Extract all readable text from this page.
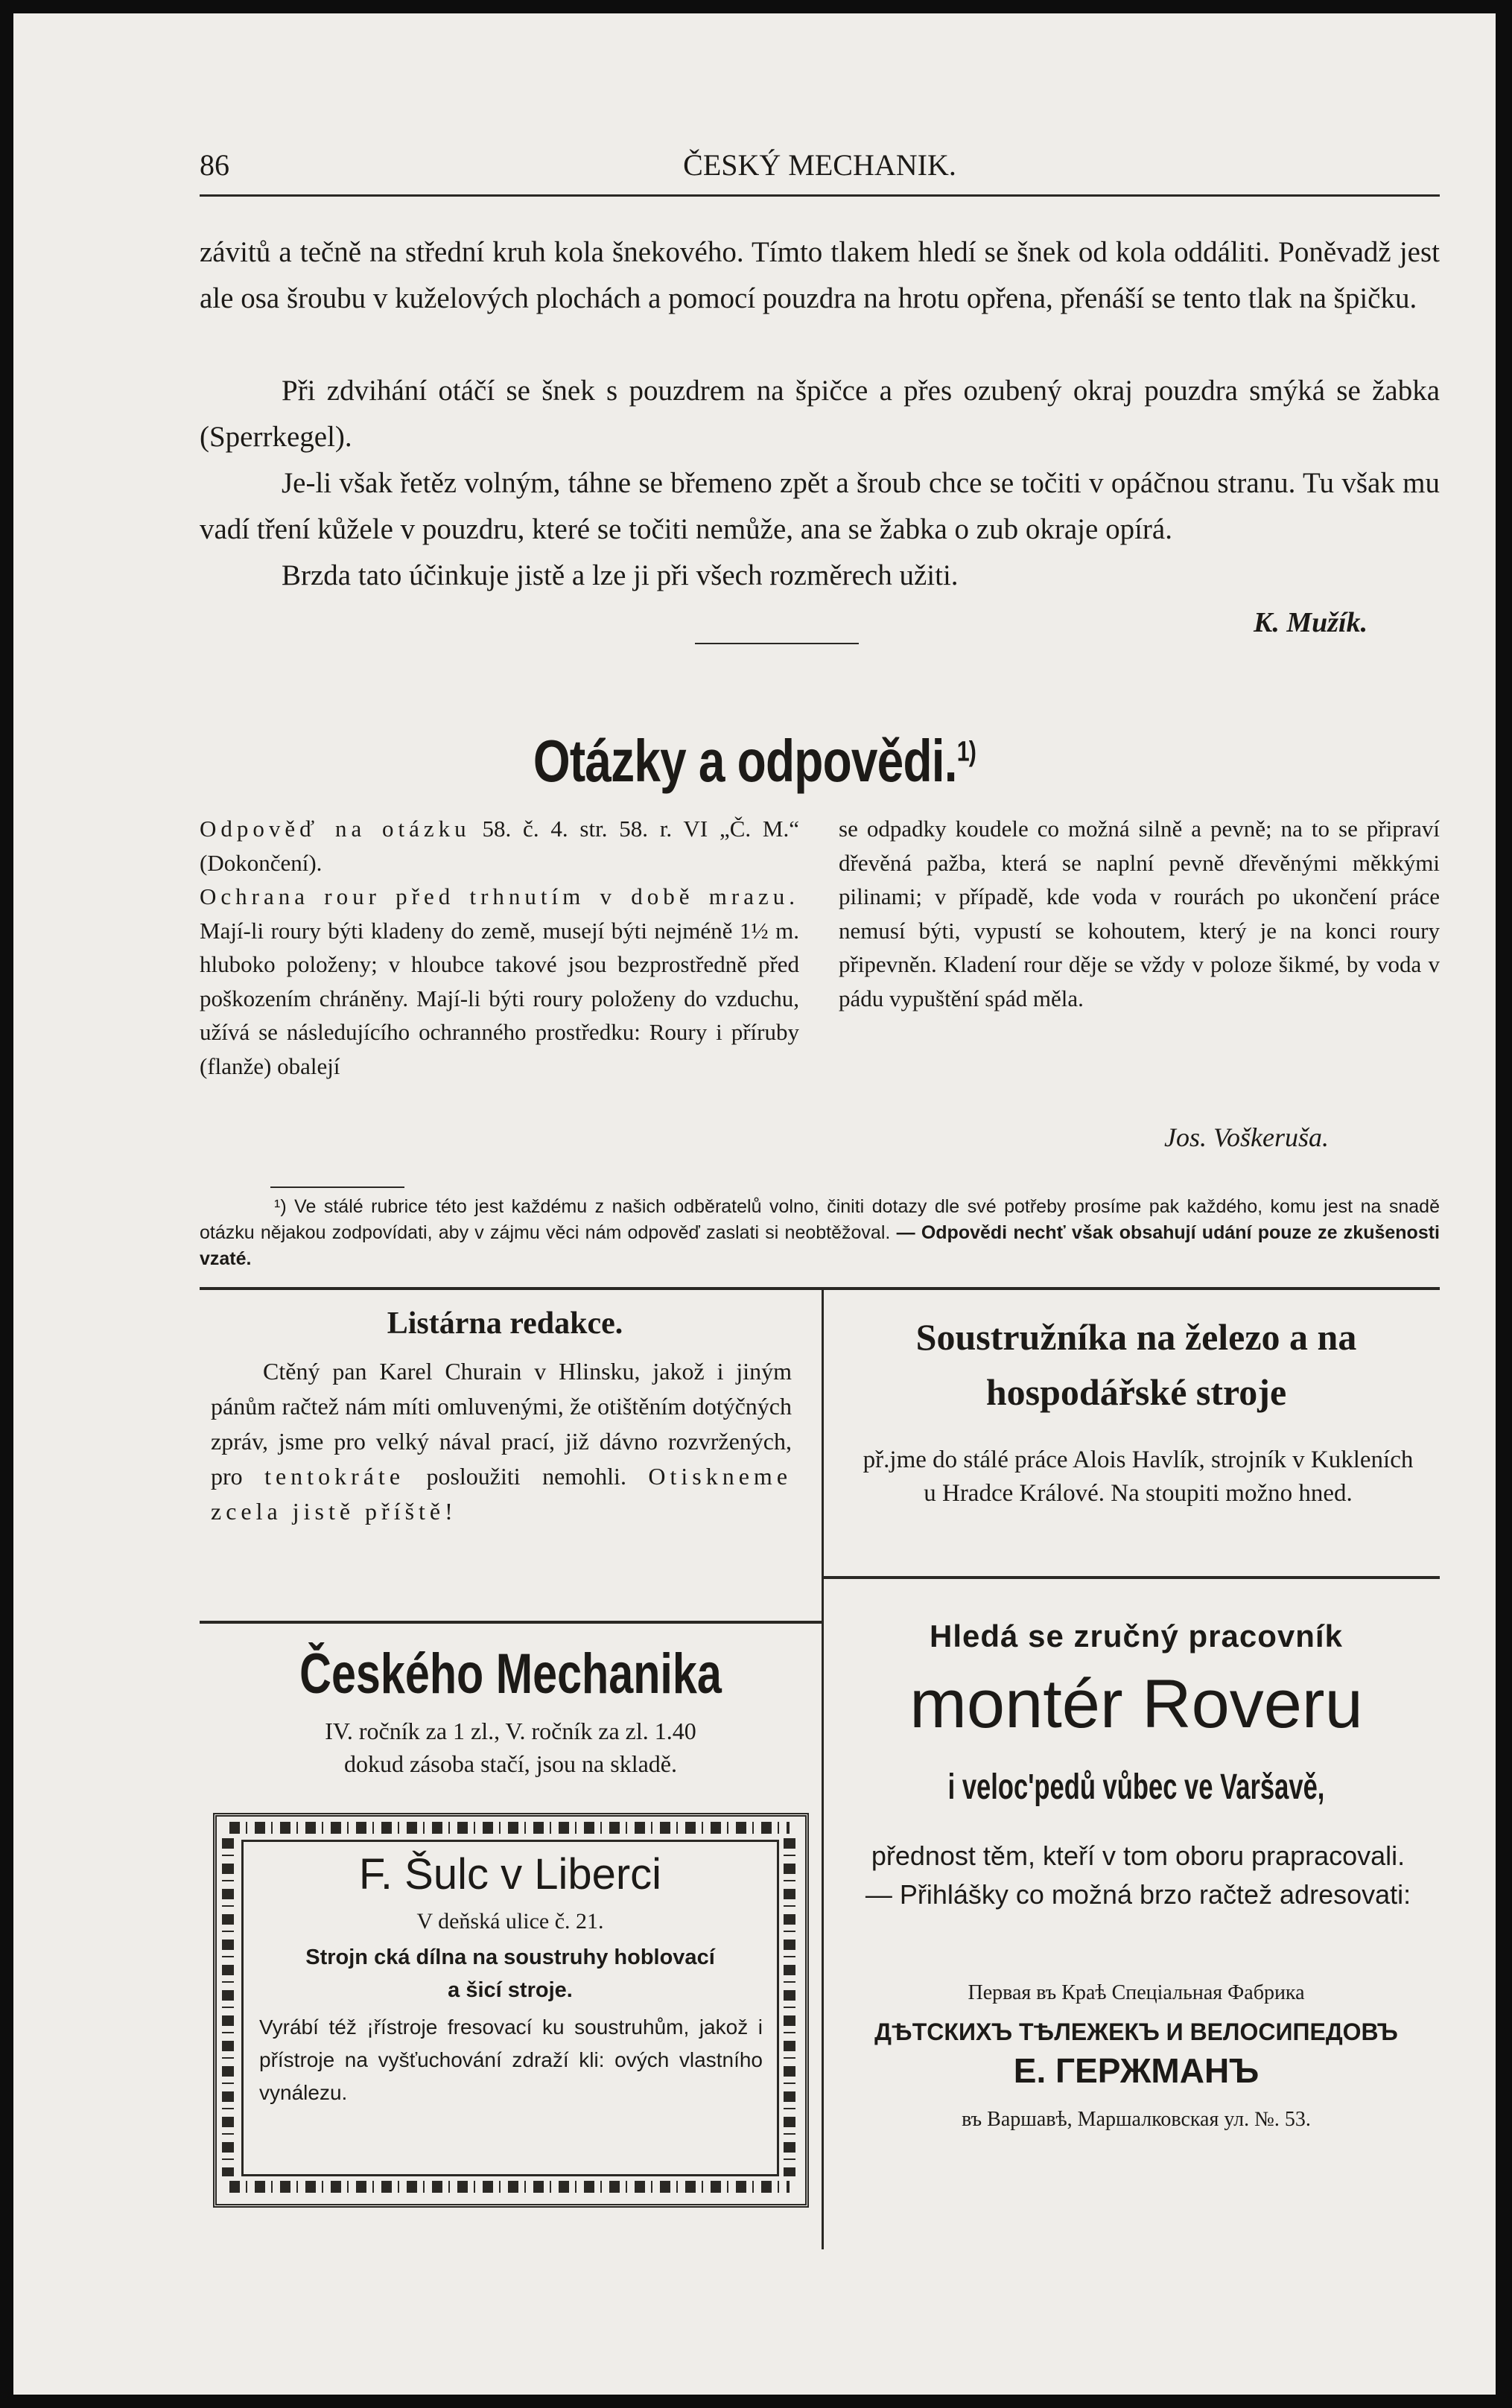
86	ČESKÝ MECHANIK.
závitů a tečně na střední kruh kola šnekového. Tímto tlakem hledí se šnek od kola oddáliti. Poněvadž jest ale osa šroubu v kuželových plochách a pomocí pouzdra na hrotu opřena, přenáší se tento tlak na špičku.
Při zdvihání otáčí se šnek s pouzdrem na špičce a přes ozubený okraj pouzdra smýká se žabka (Sperrkegel).
Je-li však řetěz volným, táhne se břemeno zpět a šroub chce se točiti v opáčnou stranu. Tu však mu vadí tření kůžele v pouzdru, které se točiti nemůže, ana se žabka o zub okraje opírá.
Brzda tato účinkuje jistě a lze ji při všech rozměrech užiti.
K. Mužík.
Otázky a odpovědi.$^{1)}$
Odpověď na otázku 58. č. 4. str. 58. r. VI „Č. M.“ (Dokončení).
Ochrana rour před trhnutím v době mrazu. Mají-li roury býti kladeny do země, musejí býti nejméně 1½ m. hluboko položeny; v hloubce takové jsou bezprostředně před poškozením chráněny. Mají-li býti roury položeny do vzduchu, užívá se následujícího ochranného prostředku: Roury i příruby (flanže) obalejí
se odpadky koudele co možná silně a pevně; na to se připraví dřevěná pažba, která se naplní pevně dřevěnými měkkými pilinami; v případě, kde voda v rourách po ukončení práce nemusí býti, vypustí se kohoutem, který je na konci roury připevněn. Kladení rour děje se vždy v poloze šikmé, by voda v pádu vypuštění spád měla.
Jos. Voškeruša.
¹) Ve stálé rubrice této jest každému z našich odběratelů volno, činiti dotazy dle své potřeby prosíme pak každého, komu jest na snadě otázku nějakou zodpovídati, aby v zájmu věci nám odpověď zaslati si neobtěžoval. — Odpovědi nechť však obsahují udání pouze ze zkušenosti vzaté.
Listárna redakce.
Ctěný pan Karel Churain v Hlinsku, jakož i jiným pánům račtež nám míti omluvenými, že otištěním dotýčných zpráv, jsme pro velký nával prací, již dávno rozvržených, pro tentokráte posloužiti nemohli. Otiskneme zcela jistě příště!
Českého Mechanika
IV. ročník za 1 zl., V. ročník za zl. 1.40
dokud zásoba stačí, jsou na skladě.
F. Šulc v Liberci
V deňská ulice č. 21.
Strojn cká dílna na soustruhy hoblovací
a šicí stroje.
Vyrábí též ¡řístroje fresovací ku soustruhům, jakož i přístroje na vyšťuchování zdraží kli: ových vlastního vynálezu.
Soustružníka na železo a na
hospodářské stroje
př.jme do stálé práce Alois Havlík, strojník v Kukleních u Hradce Králové. Na stoupiti možno hned.
Hledá se zručný pracovník
montér Roveru
i veloc'pedů vůbec ve Varšavě,
přednost těm, kteří v tom oboru prapracovali. — Přihlášky co možná brzo račtež adresovati:
Первая въ Краѣ Спеціальная Фабрика
ДѢТСКИХЪ ТѢЛЕЖЕКЪ И ВЕЛОСИПЕДОВЪ
Е. ГЕРЖМАНЪ
въ Варшавѣ, Маршалковская ул. №. 53.
